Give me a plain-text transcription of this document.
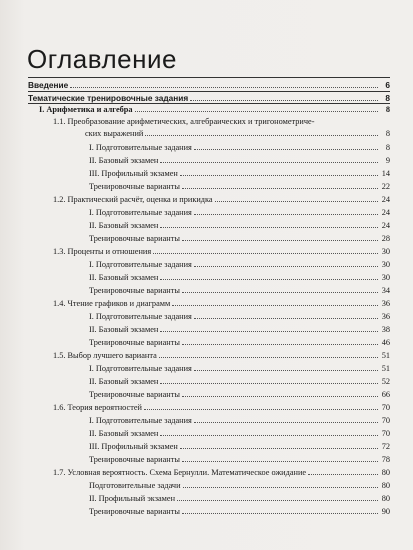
Оглавление
Введение	6
Тематические тренировочные задания	8
I. Арифметика и алгебра	8
1.1. Преобразование арифметических, алгебраических и тригонометриче-
ских выражений	8
I. Подготовительные задания	8
II. Базовый экзамен	9
III. Профильный экзамен	14
Тренировочные варианты	22
1.2. Практический расчёт, оценка и прикидка	24
I. Подготовительные задания	24
II. Базовый экзамен	24
Тренировочные варианты	28
1.3. Проценты и отношения	30
I. Подготовительные задания	30
II. Базовый экзамен	30
Тренировочные варианты	34
1.4. Чтение графиков и диаграмм	36
I. Подготовительные задания	36
II. Базовый экзамен	38
Тренировочные варианты	46
1.5. Выбор лучшего варианта	51
I. Подготовительные задания	51
II. Базовый экзамен	52
Тренировочные варианты	66
1.6. Теория вероятностей	70
I. Подготовительные задания	70
II. Базовый экзамен	70
III. Профильный экзамен	72
Тренировочные варианты	78
1.7. Условная вероятность. Схема Бернулли. Математическое ожидание	80
Подготовительные задачи	80
II. Профильный экзамен	80
Тренировочные варианты	90
